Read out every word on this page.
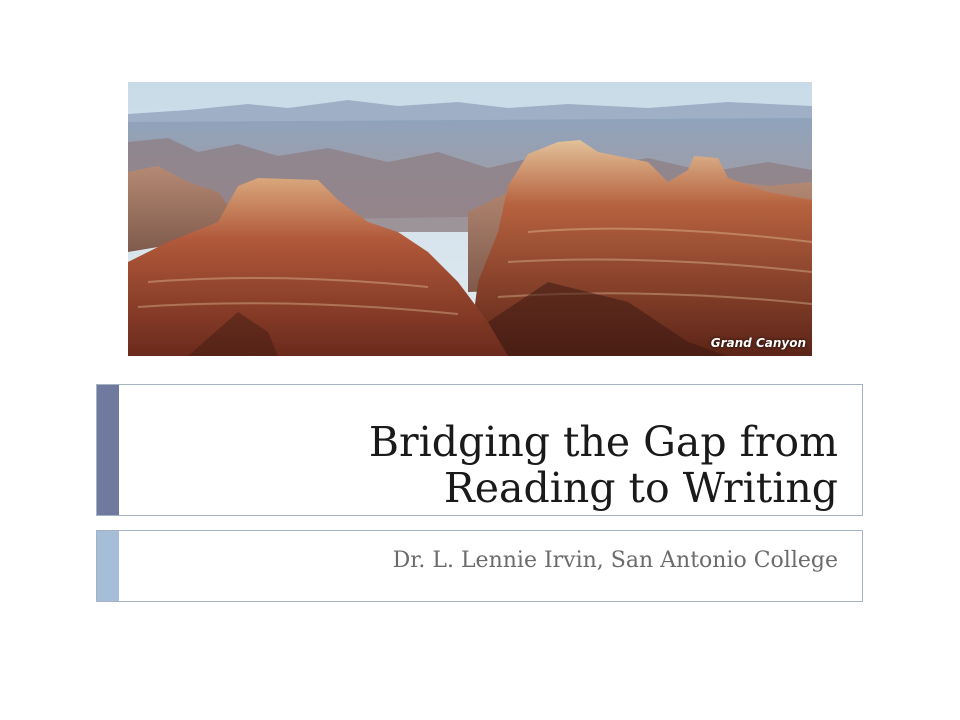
Grand Canyon
Bridging the Gap from
Reading to Writing
Dr. L. Lennie Irvin, San Antonio College
